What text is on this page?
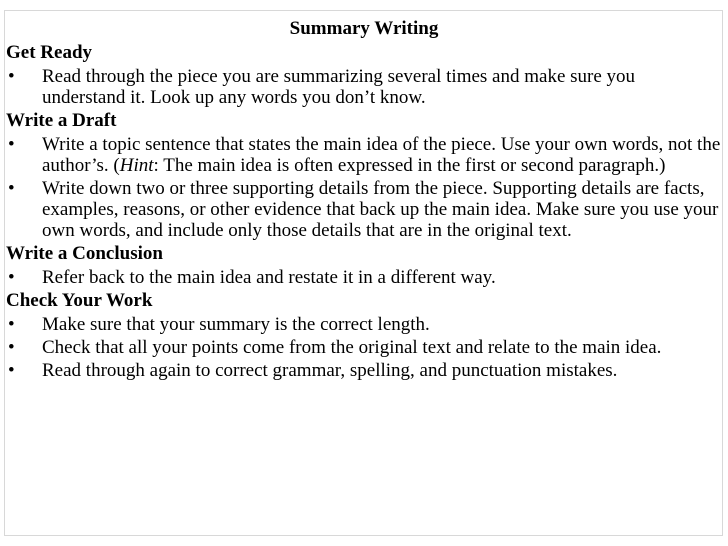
Summary Writing
Get Ready
• Read through the piece you are summarizing several times and make sure you understand it. Look up any words you don’t know.
Write a Draft
• Write a topic sentence that states the main idea of the piece. Use your own words, not the author’s. (Hint: The main idea is often expressed in the first or second paragraph.)
• Write down two or three supporting details from the piece. Supporting details are facts, examples, reasons, or other evidence that back up the main idea. Make sure you use your own words, and include only those details that are in the original text.
Write a Conclusion
• Refer back to the main idea and restate it in a different way.
Check Your Work
• Make sure that your summary is the correct length.
• Check that all your points come from the original text and relate to the main idea.
• Read through again to correct grammar, spelling, and punctuation mistakes.
